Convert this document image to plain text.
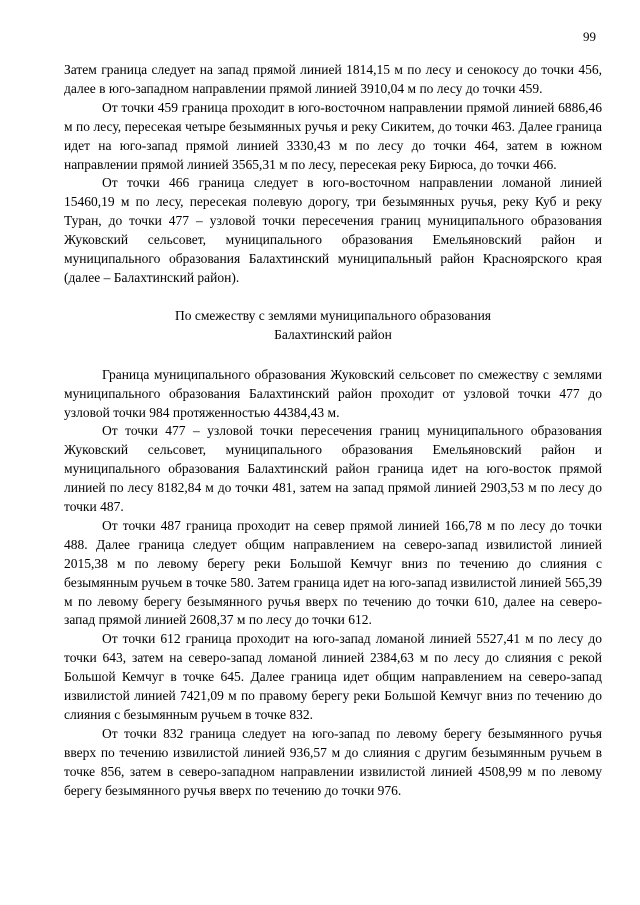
99

Затем граница следует на запад прямой линией 1814,15 м по лесу и сенокосу до точки 456, далее в юго-западном направлении прямой линией 3910,04 м по лесу до точки 459.

От точки 459 граница проходит в юго-восточном направлении прямой линией 6886,46 м по лесу, пересекая четыре безымянных ручья и реку Сикитем, до точки 463. Далее граница идет на юго-запад прямой линией 3330,43 м по лесу до точки 464, затем в южном направлении прямой линией 3565,31 м по лесу, пересекая реку Бирюса, до точки 466.

От точки 466 граница следует в юго-восточном направлении ломаной линией 15460,19 м по лесу, пересекая полевую дорогу, три безымянных ручья, реку Куб и реку Туран, до точки 477 – узловой точки пересечения границ муниципального образования Жуковский сельсовет, муниципального образования Емельяновский район и муниципального образования Балахтинский муниципальный район Красноярского края (далее – Балахтинский район).

По смежеству с землями муниципального образования
Балахтинский район

Граница муниципального образования Жуковский сельсовет по смежеству с землями муниципального образования Балахтинский район проходит от узловой точки 477 до узловой точки 984 протяженностью 44384,43 м.

От точки 477 – узловой точки пересечения границ муниципального образования Жуковский сельсовет, муниципального образования Емельяновский район и муниципального образования Балахтинский район граница идет на юго-восток прямой линией по лесу 8182,84 м до точки 481, затем на запад прямой линией 2903,53 м по лесу до точки 487.

От точки 487 граница проходит на север прямой линией 166,78 м по лесу до точки 488. Далее граница следует общим направлением на северо-запад извилистой линией 2015,38 м по левому берегу реки Большой Кемчуг вниз по течению до слияния с безымянным ручьем в точке 580. Затем граница идет на юго-запад извилистой линией 565,39 м по левому берегу безымянного ручья вверх по течению до точки 610, далее на северо-запад прямой линией 2608,37 м по лесу до точки 612.

От точки 612 граница проходит на юго-запад ломаной линией 5527,41 м по лесу до точки 643, затем на северо-запад ломаной линией 2384,63 м по лесу до слияния с рекой Большой Кемчуг в точке 645. Далее граница идет общим направлением на северо-запад извилистой линией 7421,09 м по правому берегу реки Большой Кемчуг вниз по течению до слияния с безымянным ручьем в точке 832.

От точки 832 граница следует на юго-запад по левому берегу безымянного ручья вверх по течению извилистой линией 936,57 м до слияния с другим безымянным ручьем в точке 856, затем в северо-западном направлении извилистой линией 4508,99 м по левому берегу безымянного ручья вверх по течению до точки 976.
